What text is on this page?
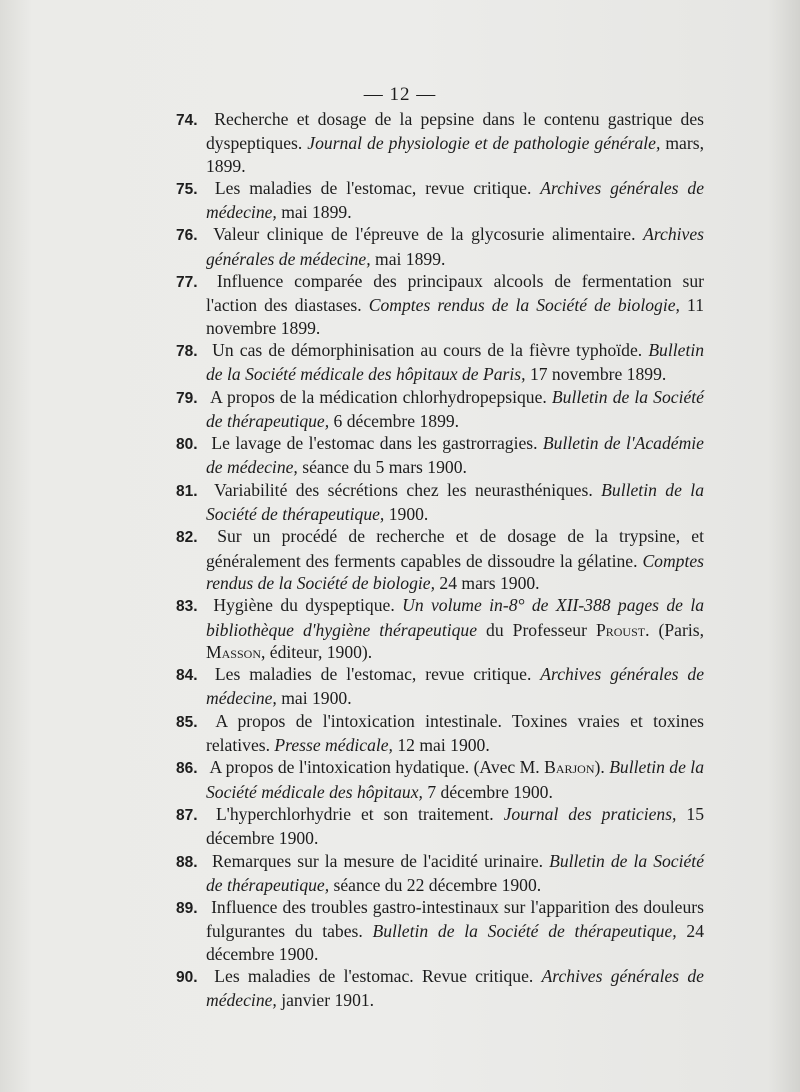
— 12 —
74. Recherche et dosage de la pepsine dans le contenu gastrique des dyspeptiques. Journal de physiologie et de pathologie générale, mars, 1899.
75. Les maladies de l'estomac, revue critique. Archives générales de médecine, mai 1899.
76. Valeur clinique de l'épreuve de la glycosurie alimentaire. Archives générales de médecine, mai 1899.
77. Influence comparée des principaux alcools de fermentation sur l'action des diastases. Comptes rendus de la Société de biologie, 11 novembre 1899.
78. Un cas de démorphinisation au cours de la fièvre typhoïde. Bulletin de la Société médicale des hôpitaux de Paris, 17 novembre 1899.
79. A propos de la médication chlorhydropepsique. Bulletin de la Société de thérapeutique, 6 décembre 1899.
80. Le lavage de l'estomac dans les gastrorragies. Bulletin de l'Académie de médecine, séance du 5 mars 1900.
81. Variabilité des sécrétions chez les neurasthéniques. Bulletin de la Société de thérapeutique, 1900.
82. Sur un procédé de recherche et de dosage de la trypsine, et généralement des ferments capables de dissoudre la gélatine. Comptes rendus de la Société de biologie, 24 mars 1900.
83. Hygiène du dyspeptique. Un volume in-8° de XII-388 pages de la bibliothèque d'hygiène thérapeutique du Professeur Proust. (Paris, Masson, éditeur, 1900).
84. Les maladies de l'estomac, revue critique. Archives générales de médecine, mai 1900.
85. A propos de l'intoxication intestinale. Toxines vraies et toxines relatives. Presse médicale, 12 mai 1900.
86. A propos de l'intoxication hydatique. (Avec M. Barjon). Bulletin de la Société médicale des hôpitaux, 7 décembre 1900.
87. L'hyperchlorhydrie et son traitement. Journal des praticiens, 15 décembre 1900.
88. Remarques sur la mesure de l'acidité urinaire. Bulletin de la Société de thérapeutique, séance du 22 décembre 1900.
89. Influence des troubles gastro-intestinaux sur l'apparition des douleurs fulgurantes du tabes. Bulletin de la Société de thérapeutique, 24 décembre 1900.
90. Les maladies de l'estomac. Revue critique. Archives générales de médecine, janvier 1901.
